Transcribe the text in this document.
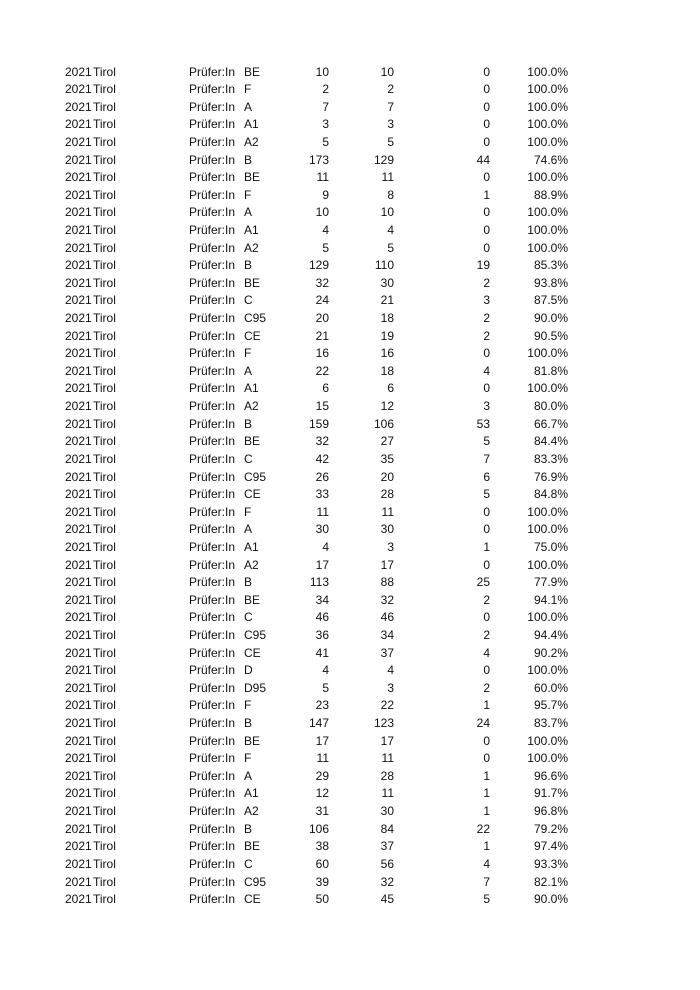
2021 Tirol	Prüfer:In BE	10	10	0	100.0%
2021 Tirol	Prüfer:In F	2	2	0	100.0%
2021 Tirol	Prüfer:In A	7	7	0	100.0%
2021 Tirol	Prüfer:In A1	3	3	0	100.0%
2021 Tirol	Prüfer:In A2	5	5	0	100.0%
2021 Tirol	Prüfer:In B	173	129	44	74.6%
2021 Tirol	Prüfer:In BE	11	11	0	100.0%
2021 Tirol	Prüfer:In F	9	8	1	88.9%
2021 Tirol	Prüfer:In A	10	10	0	100.0%
2021 Tirol	Prüfer:In A1	4	4	0	100.0%
2021 Tirol	Prüfer:In A2	5	5	0	100.0%
2021 Tirol	Prüfer:In B	129	110	19	85.3%
2021 Tirol	Prüfer:In BE	32	30	2	93.8%
2021 Tirol	Prüfer:In C	24	21	3	87.5%
2021 Tirol	Prüfer:In C95	20	18	2	90.0%
2021 Tirol	Prüfer:In CE	21	19	2	90.5%
2021 Tirol	Prüfer:In F	16	16	0	100.0%
2021 Tirol	Prüfer:In A	22	18	4	81.8%
2021 Tirol	Prüfer:In A1	6	6	0	100.0%
2021 Tirol	Prüfer:In A2	15	12	3	80.0%
2021 Tirol	Prüfer:In B	159	106	53	66.7%
2021 Tirol	Prüfer:In BE	32	27	5	84.4%
2021 Tirol	Prüfer:In C	42	35	7	83.3%
2021 Tirol	Prüfer:In C95	26	20	6	76.9%
2021 Tirol	Prüfer:In CE	33	28	5	84.8%
2021 Tirol	Prüfer:In F	11	11	0	100.0%
2021 Tirol	Prüfer:In A	30	30	0	100.0%
2021 Tirol	Prüfer:In A1	4	3	1	75.0%
2021 Tirol	Prüfer:In A2	17	17	0	100.0%
2021 Tirol	Prüfer:In B	113	88	25	77.9%
2021 Tirol	Prüfer:In BE	34	32	2	94.1%
2021 Tirol	Prüfer:In C	46	46	0	100.0%
2021 Tirol	Prüfer:In C95	36	34	2	94.4%
2021 Tirol	Prüfer:In CE	41	37	4	90.2%
2021 Tirol	Prüfer:In D	4	4	0	100.0%
2021 Tirol	Prüfer:In D95	5	3	2	60.0%
2021 Tirol	Prüfer:In F	23	22	1	95.7%
2021 Tirol	Prüfer:In B	147	123	24	83.7%
2021 Tirol	Prüfer:In BE	17	17	0	100.0%
2021 Tirol	Prüfer:In F	11	11	0	100.0%
2021 Tirol	Prüfer:In A	29	28	1	96.6%
2021 Tirol	Prüfer:In A1	12	11	1	91.7%
2021 Tirol	Prüfer:In A2	31	30	1	96.8%
2021 Tirol	Prüfer:In B	106	84	22	79.2%
2021 Tirol	Prüfer:In BE	38	37	1	97.4%
2021 Tirol	Prüfer:In C	60	56	4	93.3%
2021 Tirol	Prüfer:In C95	39	32	7	82.1%
2021 Tirol	Prüfer:In CE	50	45	5	90.0%
